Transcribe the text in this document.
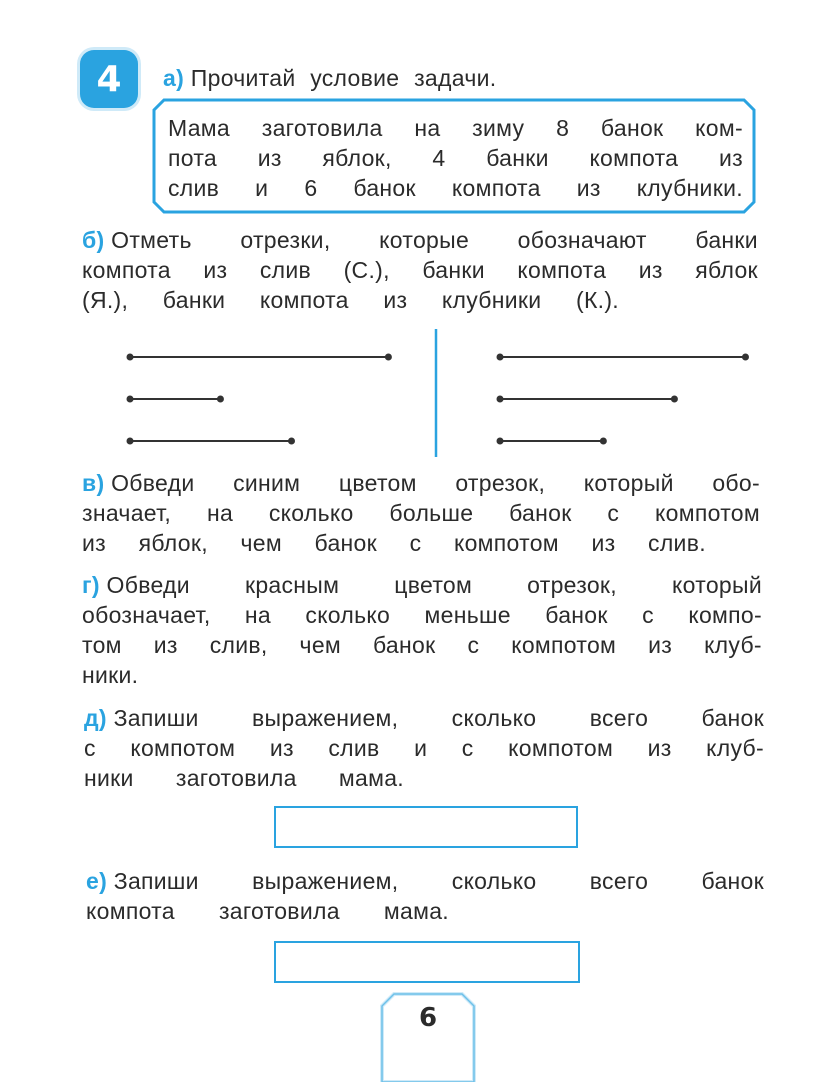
4	а) Прочитай условие задачи.
Мама заготовила на зиму 8 банок ком-
пота из яблок, 4 банки компота из
слив и 6 банок компота из клубники.
б) Отметь отрезки, которые обозначают банки
компота из слив (С.), банки компота из яблок
(Я.), банки компота из клубники (К.).
в) Обведи синим цветом отрезок, который обо-
значает, на сколько больше банок с компотом
из яблок, чем банок с компотом из слив.
г) Обведи красным цветом отрезок, который
обозначает, на сколько меньше банок с компо-
том из слив, чем банок с компотом из клуб-
ники.
д) Запиши выражением, сколько всего банок
с компотом из слив и с компотом из клуб-
ники заготовила мама.
е) Запиши выражением, сколько всего банок
компота заготовила мама.
6
